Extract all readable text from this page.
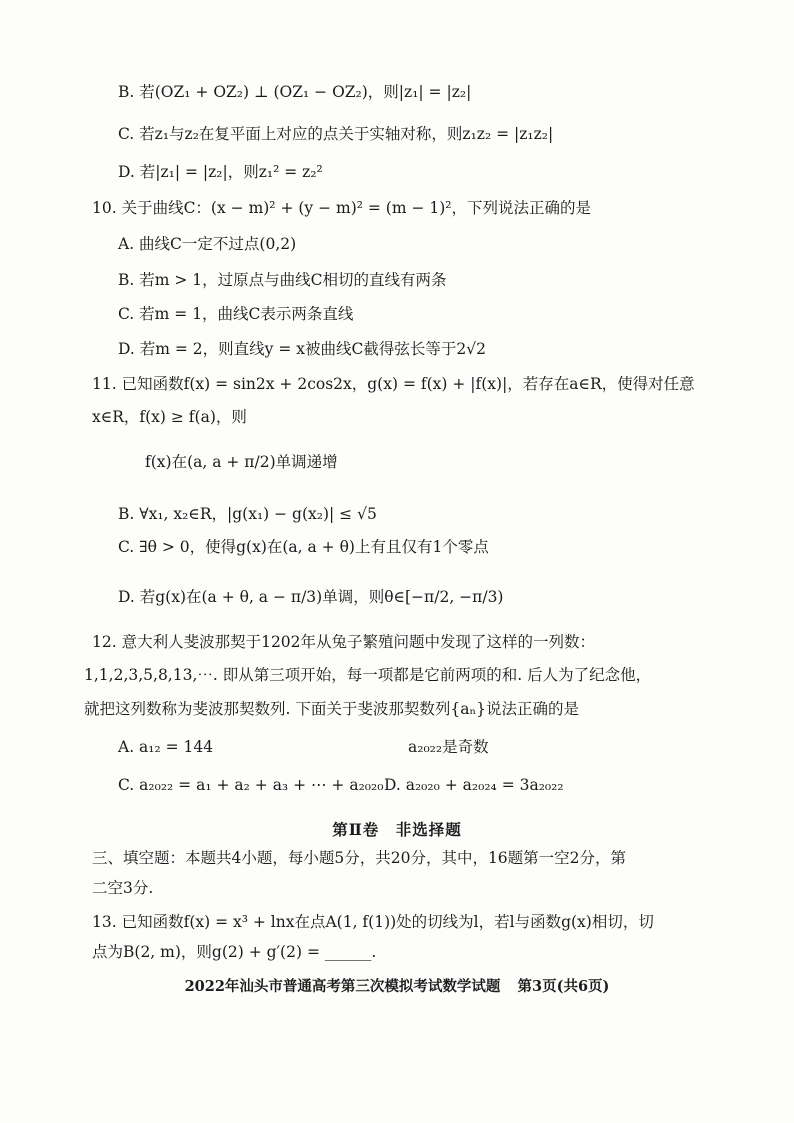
B. 若(OZ₁ + OZ₂) ⊥ (OZ₁ − OZ₂)，则|z₁| = |z₂|
C. 若z₁与z₂在复平面上对应的点关于实轴对称，则z₁z₂ = |z₁z₂|
D. 若|z₁| = |z₂|，则z₁² = z₂²
10. 关于曲线C：(x − m)² + (y − m)² = (m − 1)²，下列说法正确的是
A. 曲线C一定不过点(0,2)
B. 若m > 1，过原点与曲线C相切的直线有两条
C. 若m = 1，曲线C表示两条直线
D. 若m = 2，则直线y = x被曲线C截得弦长等于2√2
11. 已知函数f(x) = sin2x + 2cos2x，g(x) = f(x) + |f(x)|，若存在a∈R，使得对任意
x∈R，f(x) ≥ f(a)，则
f(x)在(a, a + π/2)单调递增
B. ∀x₁, x₂∈R，|g(x₁) − g(x₂)| ≤ √5
C. ∃θ > 0，使得g(x)在(a, a + θ)上有且仅有1个零点
D. 若g(x)在(a + θ, a − π/3)单调，则θ∈[−π/2, −π/3)
12. 意大利人斐波那契于1202年从兔子繁殖问题中发现了这样的一列数：
1,1,2,3,5,8,13,⋯. 即从第三项开始，每一项都是它前两项的和. 后人为了纪念他，
就把这列数称为斐波那契数列. 下面关于斐波那契数列{aₙ}说法正确的是
A. a₁₂ = 144	a₂₀₂₂是奇数
C. a₂₀₂₂ = a₁ + a₂ + a₃ + ⋯ + a₂₀₂₀ D. a₂₀₂₀ + a₂₀₂₄ = 3a₂₀₂₂
第Ⅱ卷　非选择题
三、填空题：本题共4小题，每小题5分，共20分，其中，16题第一空2分，第
二空3分.
13. 已知函数f(x) = x³ + lnx在点A(1, f(1))处的切线为l，若l与函数g(x)相切，切
点为B(2, m)，则g(2) + g′(2) = ______.
2022年汕头市普通高考第三次模拟考试数学试题 第3页(共6页)
